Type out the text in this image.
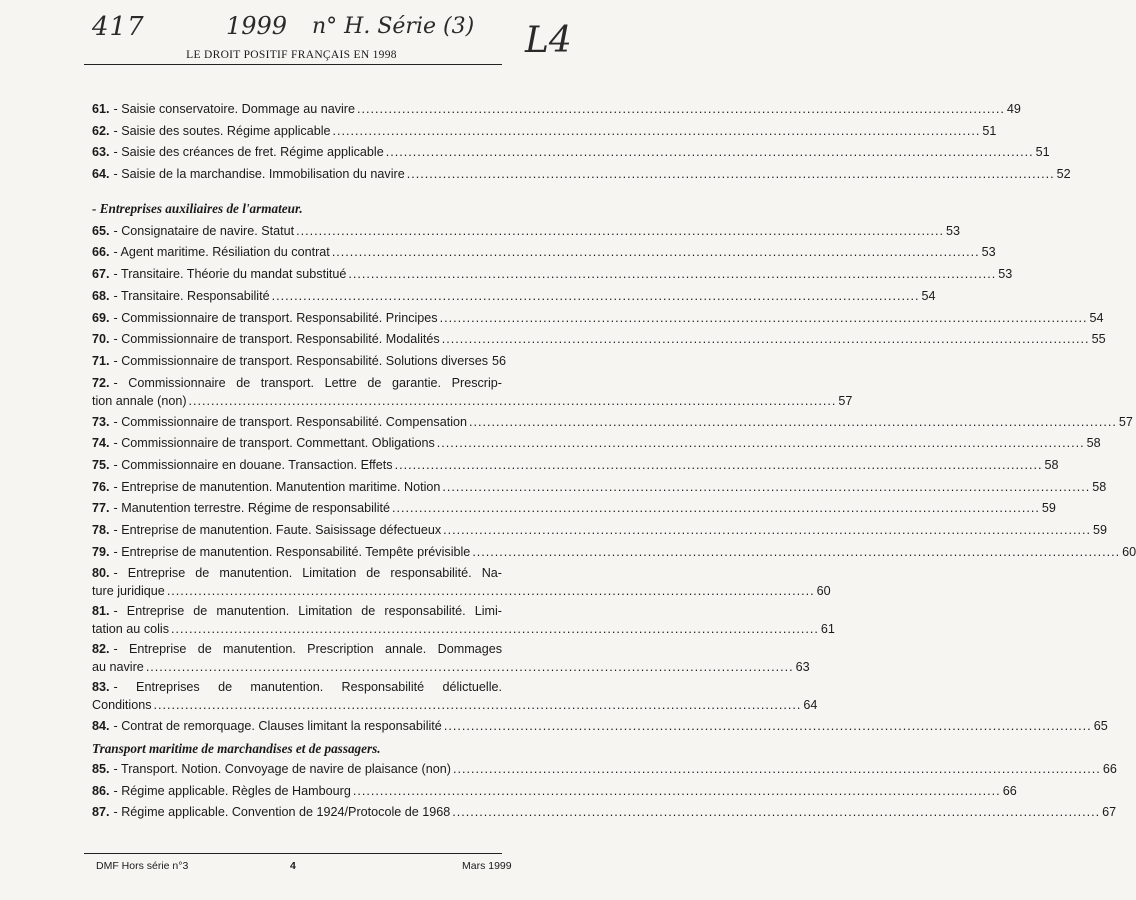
417	1999 n° H. Série (3) L4
LE DROIT POSITIF FRANÇAIS EN 1998
61. - Saisie conservatoire. Dommage au navire .....	49
62. - Saisie des soutes. Régime applicable .....	51
63. - Saisie des créances de fret. Régime applicable .....	51
64. - Saisie de la marchandise. Immobilisation du navire .....	52
- Entreprises auxiliaires de l'armateur.
65. - Consignataire de navire. Statut .....	53
66. - Agent maritime. Résiliation du contrat .....	53
67. - Transitaire. Théorie du mandat substitué .....	53
68. - Transitaire. Responsabilité .....	54
69. - Commissionnaire de transport. Responsabilité. Principes .....	54
70. - Commissionnaire de transport. Responsabilité. Modalités .....	55
71. - Commissionnaire de transport. Responsabilité. Solutions diverses 56
72. - Commissionnaire de transport. Lettre de garantie. Prescrip-
tion annale (non) .....	57
73. - Commissionnaire de transport. Responsabilité. Compensation .....	57
74. - Commissionnaire de transport. Commettant. Obligations .....	58
75. - Commissionnaire en douane. Transaction. Effets .....	58
76. - Entreprise de manutention. Manutention maritime. Notion .....	58
77. - Manutention terrestre. Régime de responsabilité .....	59
78. - Entreprise de manutention. Faute. Saisissage défectueux .....	59
79. - Entreprise de manutention. Responsabilité. Tempête prévisible .....	60
80. - Entreprise de manutention. Limitation de responsabilité. Na-
ture juridique .....	60
81. - Entreprise de manutention. Limitation de responsabilité. Limi-
tation au colis .....	61
82. - Entreprise de manutention. Prescription annale. Dommages
au navire .....	63
83. - Entreprises de manutention. Responsabilité délictuelle.
Conditions .....	64
84. - Contrat de remorquage. Clauses limitant la responsabilité .....	65
Transport maritime de marchandises et de passagers.
85. - Transport. Notion. Convoyage de navire de plaisance (non) .....	66
86. - Régime applicable. Règles de Hambourg .....	66
87. - Régime applicable. Convention de 1924/Protocole de 1968 .....	67
DMF Hors série n°3	4	Mars 1999
